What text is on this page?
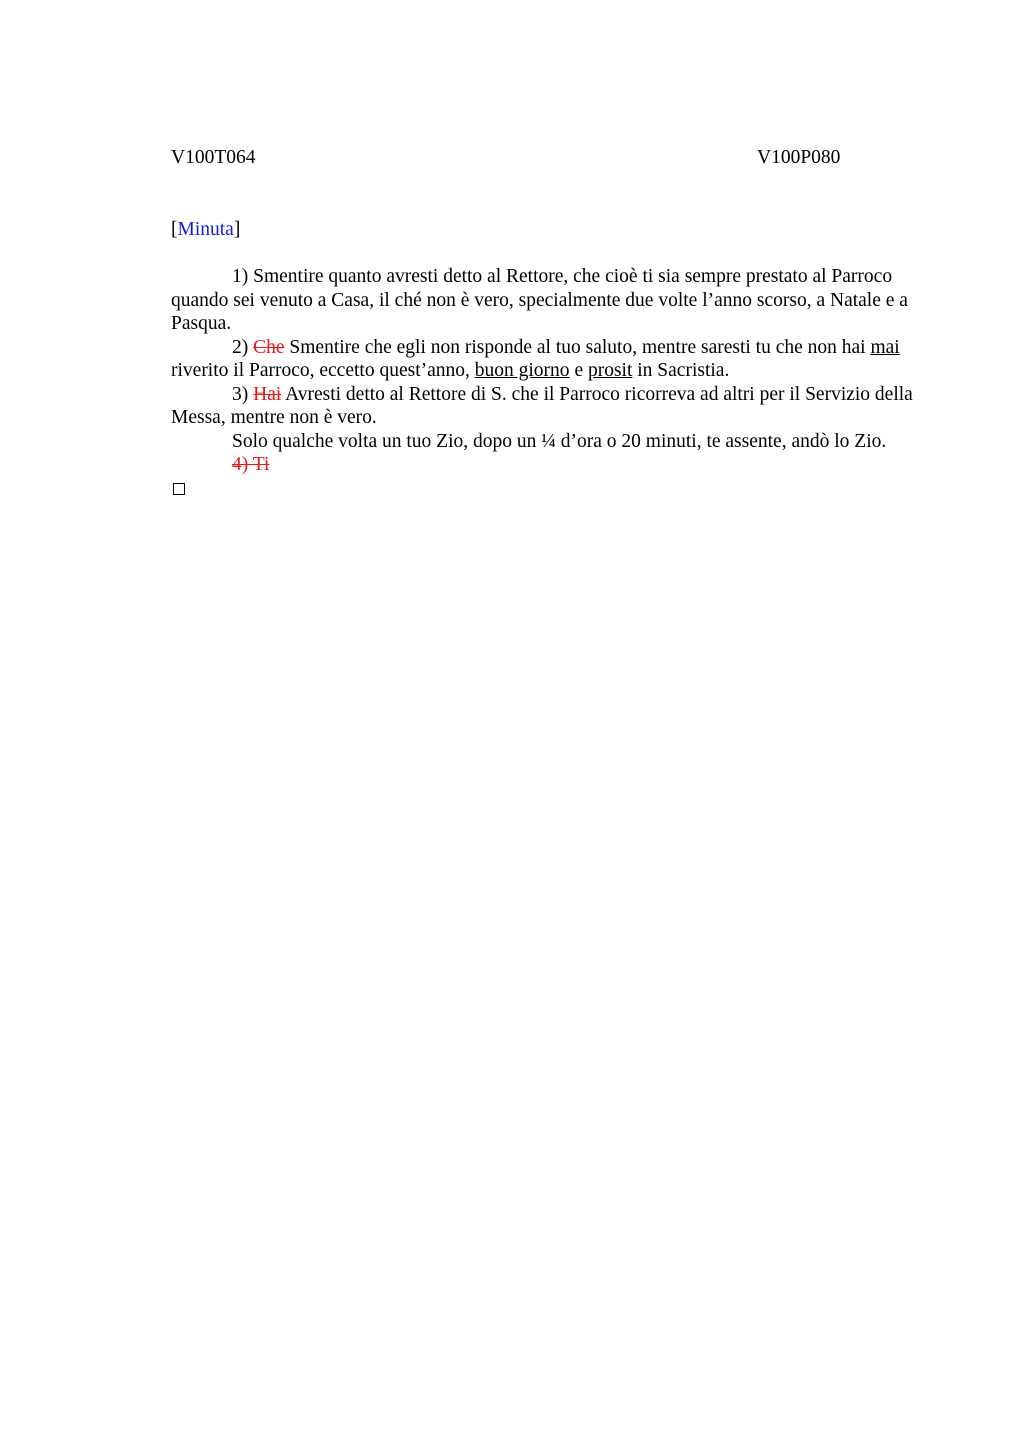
V100T064	V100P080
[Minuta]

1) Smentire quanto avresti detto al Rettore, che cioè ti sia sempre prestato al Parroco quando sei venuto a Casa, il ché non è vero, specialmente due volte l’anno scorso, a Natale e a Pasqua.

2) Che Smentire che egli non risponde al tuo saluto, mentre saresti tu che non hai mai riverito il Parroco, eccetto quest’anno, buon giorno e prosit in Sacristia.

3) Hai Avresti detto al Rettore di S. che il Parroco ricorreva ad altri per il Servizio della Messa, mentre non è vero.

Solo qualche volta un tuo Zio, dopo un ¼ d’ora o 20 minuti, te assente, andò lo Zio.

4) Ti
